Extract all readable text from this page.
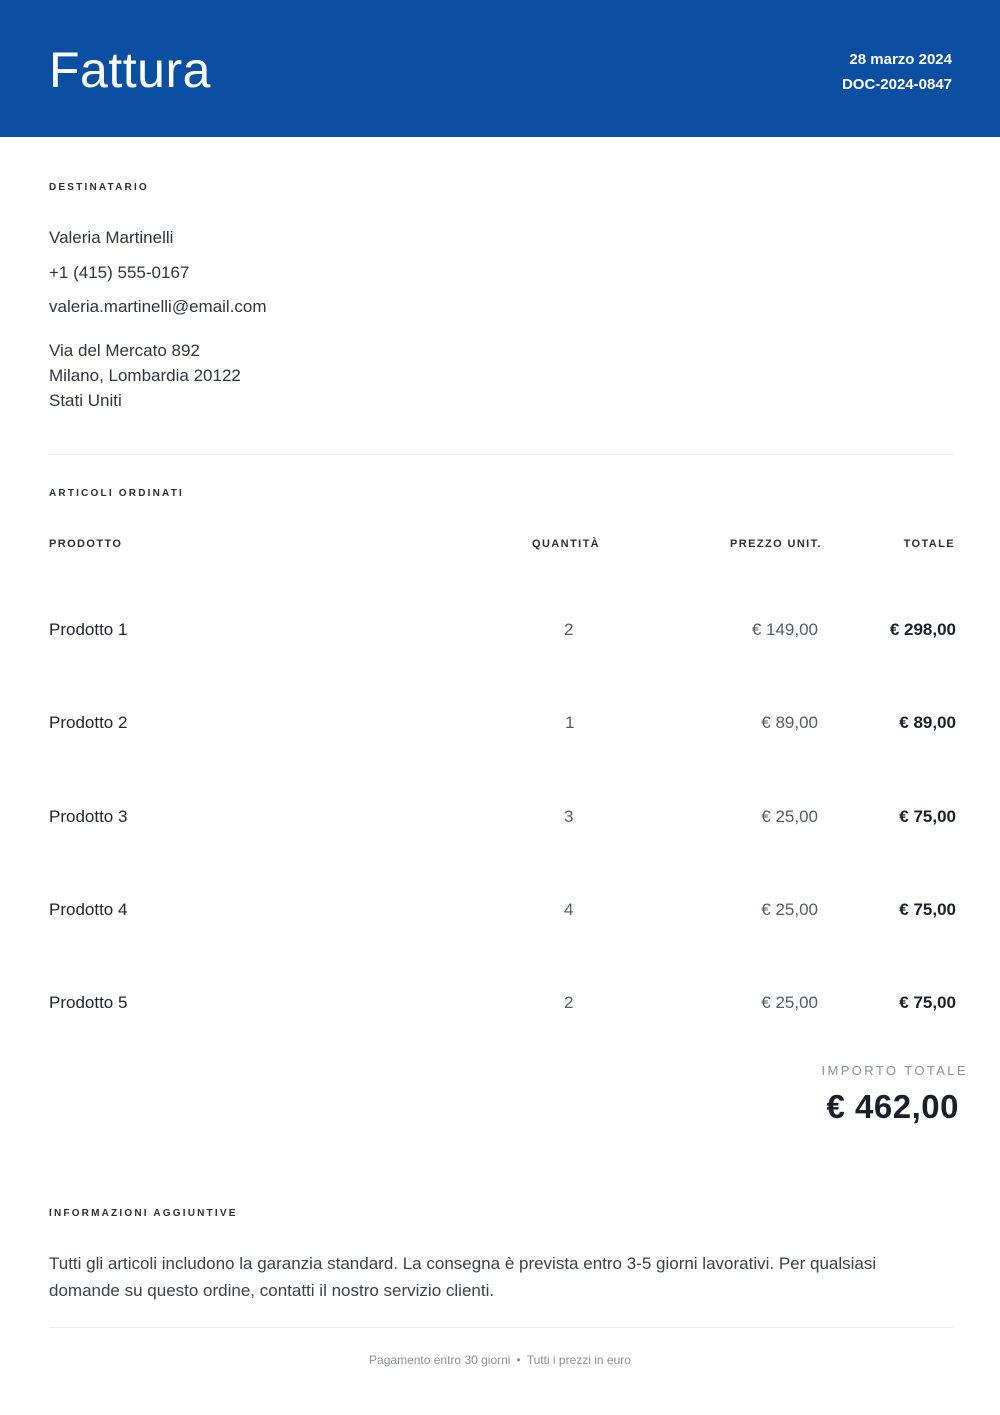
Fattura	28 marzo 2024
DOC-2024-0847
DESTINATARIO
Valeria Martinelli
+1 (415) 555-0167
valeria.martinelli@email.com
Via del Mercato 892
Milano, Lombardia 20122
Stati Uniti
ARTICOLI ORDINATI
PRODOTTO	QUANTITÀ	PREZZO UNIT.	TOTALE
Prodotto 1	2	€ 149,00	€ 298,00
Prodotto 2	1	€ 89,00	€ 89,00
Prodotto 3	3	€ 25,00	€ 75,00
Prodotto 4	4	€ 25,00	€ 75,00
Prodotto 5	2	€ 25,00	€ 75,00
IMPORTO TOTALE
€ 462,00
INFORMAZIONI AGGIUNTIVE
Tutti gli articoli includono la garanzia standard. La consegna è prevista entro 3-5 giorni lavorativi. Per qualsiasi domande su questo ordine, contatti il nostro servizio clienti.
Pagamento entro 30 giorni • Tutti i prezzi in euro
